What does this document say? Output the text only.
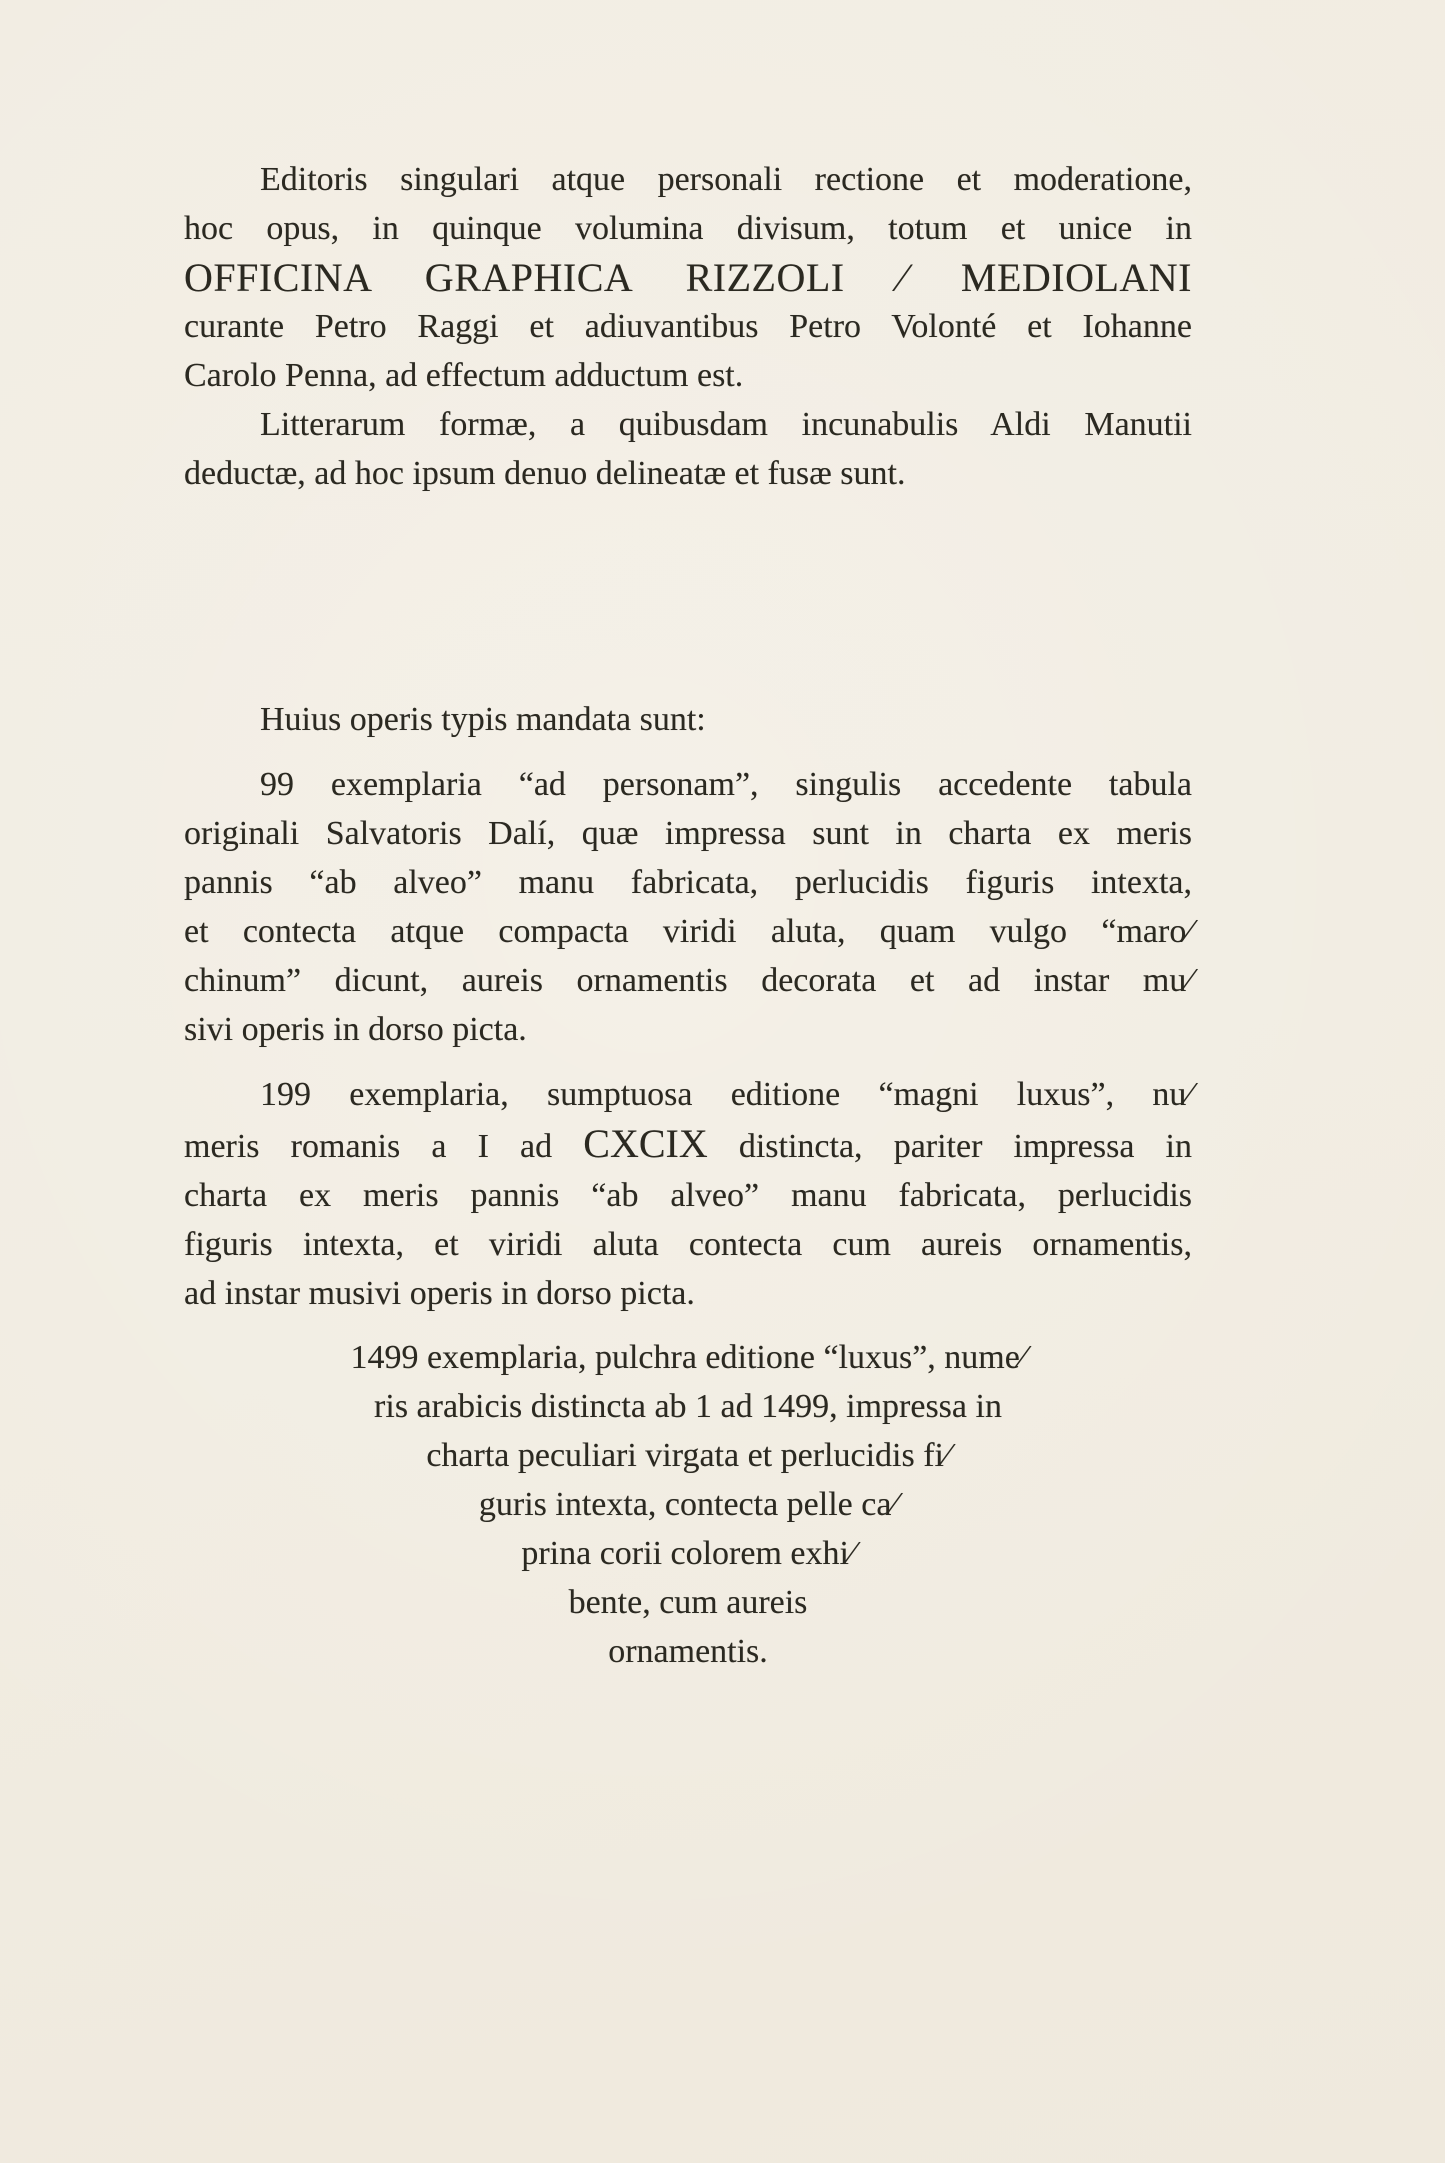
Editoris singulari atque personali rectione et moderatione,
hoc opus, in quinque volumina divisum, totum et unice in
OFFICINA GRAPHICA RIZZOLI ⁄ MEDIOLANI
curante Petro Raggi et adiuvantibus Petro Volonté et Iohanne
Carolo Penna, ad effectum adductum est.
Litterarum formæ, a quibusdam incunabulis Aldi Manutii
deductæ, ad hoc ipsum denuo delineatæ et fusæ sunt.
Huius operis typis mandata sunt:
99 exemplaria “ad personam”, singulis accedente tabula
originali Salvatoris Dalí, quæ impressa sunt in charta ex meris
pannis “ab alveo” manu fabricata, perlucidis figuris intexta,
et contecta atque compacta viridi aluta, quam vulgo “maro⁄
chinum” dicunt, aureis ornamentis decorata et ad instar mu⁄
sivi operis in dorso picta.
199 exemplaria, sumptuosa editione “magni luxus”, nu⁄
meris romanis a I ad CXCIX distincta, pariter impressa in
charta ex meris pannis “ab alveo” manu fabricata, perlucidis
figuris intexta, et viridi aluta contecta cum aureis ornamentis,
ad instar musivi operis in dorso picta.
1499 exemplaria, pulchra editione “luxus”, nume⁄
ris arabicis distincta ab 1 ad 1499, impressa in
charta peculiari virgata et perlucidis fi⁄
guris intexta, contecta pelle ca⁄
prina corii colorem exhi⁄
bente, cum aureis
ornamentis.
